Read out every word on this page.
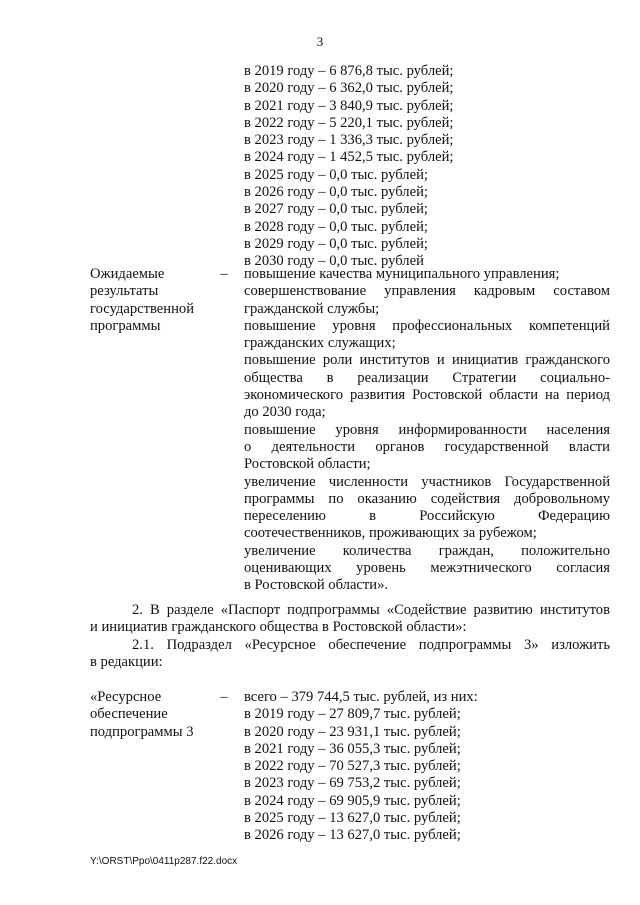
3
в 2019 году – 6 876,8 тыс. рублей;
в 2020 году – 6 362,0 тыс. рублей;
в 2021 году – 3 840,9 тыс. рублей;
в 2022 году – 5 220,1 тыс. рублей;
в 2023 году – 1 336,3 тыс. рублей;
в 2024 году – 1 452,5 тыс. рублей;
в 2025 году – 0,0 тыс. рублей;
в 2026 году – 0,0 тыс. рублей;
в 2027 году – 0,0 тыс. рублей;
в 2028 году – 0,0 тыс. рублей;
в 2029 году – 0,0 тыс. рублей;
в 2030 году – 0,0 тыс. рублей
Ожидаемые
результаты
государственной
программы
– повышение качества муниципального управления;
совершенствование управления кадровым составом
гражданской службы;
повышение уровня профессиональных компетенций
гражданских служащих;
повышение роли институтов и инициатив гражданского
общества в реализации Стратегии социально-
экономического развития Ростовской области на период
до 2030 года;
повышение уровня информированности населения
о деятельности органов государственной власти
Ростовской области;
увеличение численности участников Государственной
программы по оказанию содействия добровольному
переселению в Российскую Федерацию
соотечественников, проживающих за рубежом;
увеличение количества граждан, положительно
оценивающих уровень межэтнического согласия
в Ростовской области».
2. В разделе «Паспорт подпрограммы «Содействие развитию институтов
и инициатив гражданского общества в Ростовской области»:
2.1. Подраздел «Ресурсное обеспечение подпрограммы 3» изложить
в редакции:
«Ресурсное
обеспечение
подпрограммы 3
– всего – 379 744,5 тыс. рублей, из них:
в 2019 году – 27 809,7 тыс. рублей;
в 2020 году – 23 931,1 тыс. рублей;
в 2021 году – 36 055,3 тыс. рублей;
в 2022 году – 70 527,3 тыс. рублей;
в 2023 году – 69 753,2 тыс. рублей;
в 2024 году – 69 905,9 тыс. рублей;
в 2025 году – 13 627,0 тыс. рублей;
в 2026 году – 13 627,0 тыс. рублей;
Y:\ORST\Ppo\0411p287.f22.docx
